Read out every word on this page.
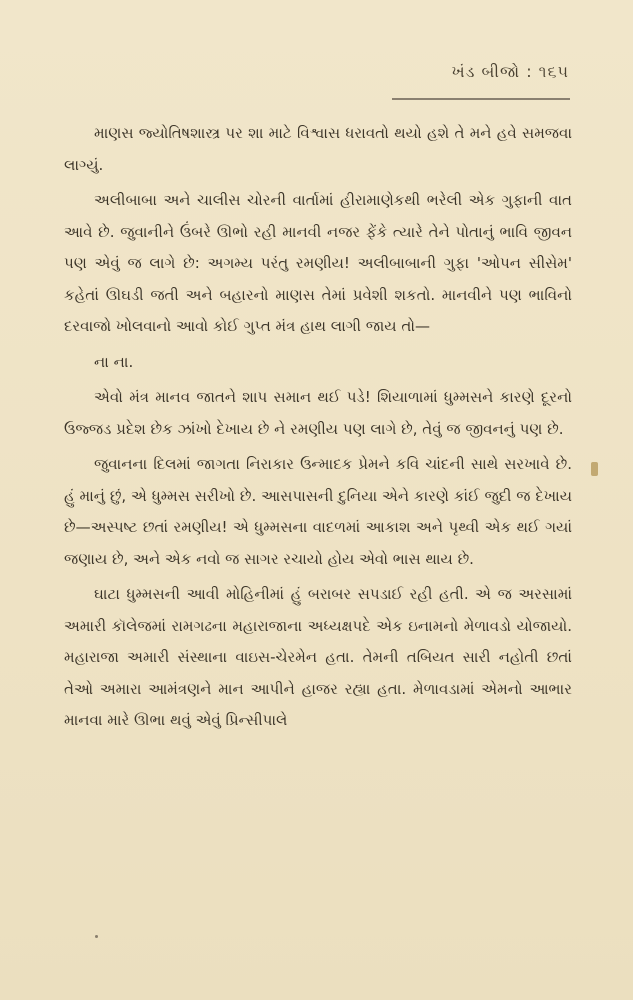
ખંડ બીજો : ૧૬૫

માણસ જ્યોતિષશાસ્ત્ર પર શા માટે વિશ્વાસ ધરાવતો થયો હશે તે મને હવે સમજવા લાગ્યું.

અલીબાબા અને ચાલીસ ચોરની વાર્તામાં હીરામાણેકથી ભરેલી એક ગુફાની વાત આવે છે. જુવાનીને ઉંબરે ઊભો રહી માનવી નજર ફેંકે ત્યારે તેને પોતાનું ભાવિ જીવન પણ એવું જ લાગે છે: અગમ્ય પરંતુ રમણીય! અલીબાબાની ગુફા 'ઓપન સીસેમ' કહેતાં ઊઘડી જતી અને બહારનો માણસ તેમાં પ્રવેશી શકતો. માનવીને પણ ભાવિનો દરવાજો ખોલવાનો આવો કોઈ ગુપ્ત મંત્ર હાથ લાગી જાય તો—

ના ના.

એવો મંત્ર માનવ જાતને શાપ સમાન થઈ પડે! શિયાળામાં ધુમ્મસને કારણે દૂરનો ઉજ્જડ પ્રદેશ છેક ઝાંખો દેખાય છે ને રમણીય પણ લાગે છે, તેવું જ જીવનનું પણ છે.

જુવાનના દિલમાં જાગતા નિરાકાર ઉન્માદક પ્રેમને કવિ ચાંદની સાથે સરખાવે છે. હું માનું છું, એ ધુમ્મસ સરીખો છે. આસપાસની દુનિયા એને કારણે કાંઈ જુદી જ દેખાય છે—અસ્પષ્ટ છતાં રમણીય! એ ધુમ્મસના વાદળમાં આકાશ અને પૃથ્વી એક થઈ ગયાં જણાય છે, અને એક નવો જ સાગર રચાયો હોય એવો ભાસ થાય છે.

ઘાટા ધુમ્મસની આવી મોહિનીમાં હું બરાબર સપડાઈ રહી હતી. એ જ અરસામાં અમારી કૉલેજમાં રામગઢના મહારાજાના અધ્યક્ષપદે એક ઇનામનો મેળાવડો યોજાયો. મહારાજા અમારી સંસ્થાના વાઇસ-ચેરમેન હતા. તેમની તબિયત સારી નહોતી છતાં તેઓ અમારા આમંત્રણને માન આપીને હાજર રહ્યા હતા. મેળાવડામાં એમનો આભાર માનવા મારે ઊભા થવું એવું પ્રિન્સીપાલે
